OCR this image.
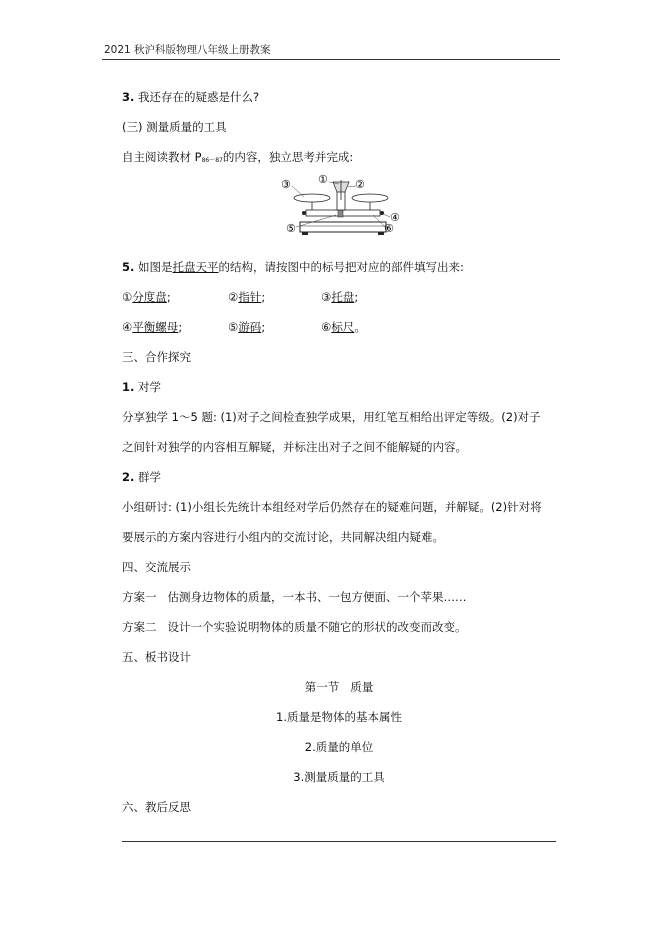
2021 秋沪科版物理八年级上册教案
3. 我还存在的疑惑是什么?
(三) 测量质量的工具
自主阅读教材 P86～87的内容，独立思考并完成:
③ ① ②
④
⑤	⑥
5. 如图是托盘天平的结构，请按图中的标号把对应的部件填写出来:
①分度盘;	②指针;	③托盘;
④平衡螺母;	⑤游码;	⑥标尺。
三、合作探究
1. 对学
分享独学 1～5 题: (1)对子之间检查独学成果，用红笔互相给出评定等级。(2)对子
之间针对独学的内容相互解疑，并标注出对子之间不能解疑的内容。
2. 群学
小组研讨: (1)小组长先统计本组经对学后仍然存在的疑难问题，并解疑。(2)针对将
要展示的方案内容进行小组内的交流讨论，共同解决组内疑难。
四、交流展示
方案一 估测身边物体的质量，一本书、一包方便面、一个苹果……
方案二 设计一个实验说明物体的质量不随它的形状的改变而改变。
五、板书设计
第一节 质量
1.质量是物体的基本属性
2.质量的单位
3.测量质量的工具
六、教后反思
